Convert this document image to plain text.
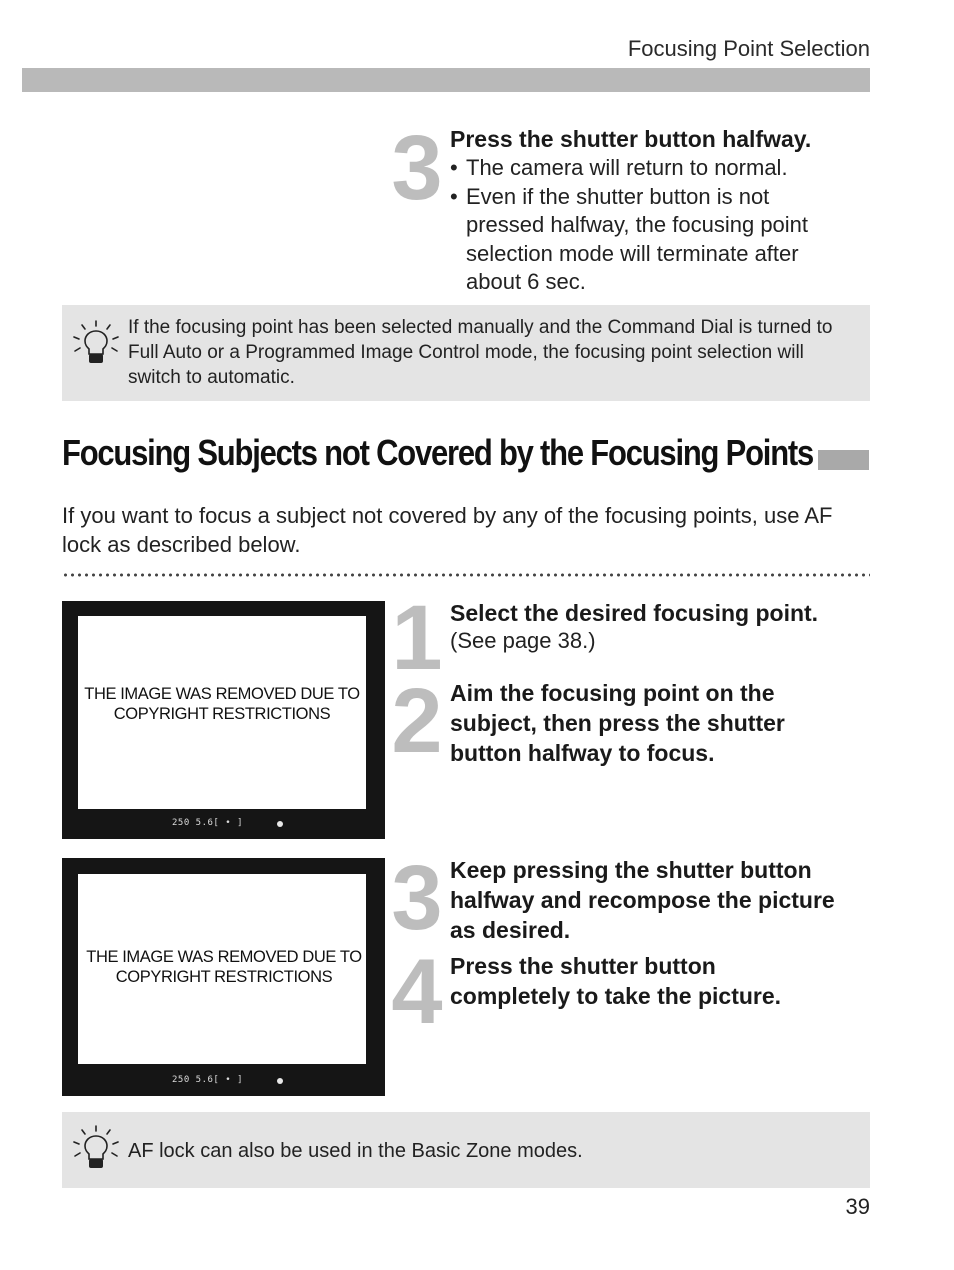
Focusing Point Selection
3 Press the shutter button halfway.
• The camera will return to normal.
• Even if the shutter button is not pressed halfway, the focusing point selection mode will terminate after about 6 sec.
If the focusing point has been selected manually and the Command Dial is turned to Full Auto or a Programmed Image Control mode, the focusing point selection will switch to automatic.
Focusing Subjects not Covered by the Focusing Points
If you want to focus a subject not covered by any of the focusing points, use AF lock as described below.
THE IMAGE WAS REMOVED DUE TO COPYRIGHT RESTRICTIONS
250 5.6[ • ]
THE IMAGE WAS REMOVED DUE TO COPYRIGHT RESTRICTIONS
250 5.6[ • ]
1 Select the desired focusing point.
(See page 38.)
2 Aim the focusing point on the subject, then press the shutter button halfway to focus.
3 Keep pressing the shutter button halfway and recompose the picture as desired.
4 Press the shutter button completely to take the picture.
AF lock can also be used in the Basic Zone modes.
39
